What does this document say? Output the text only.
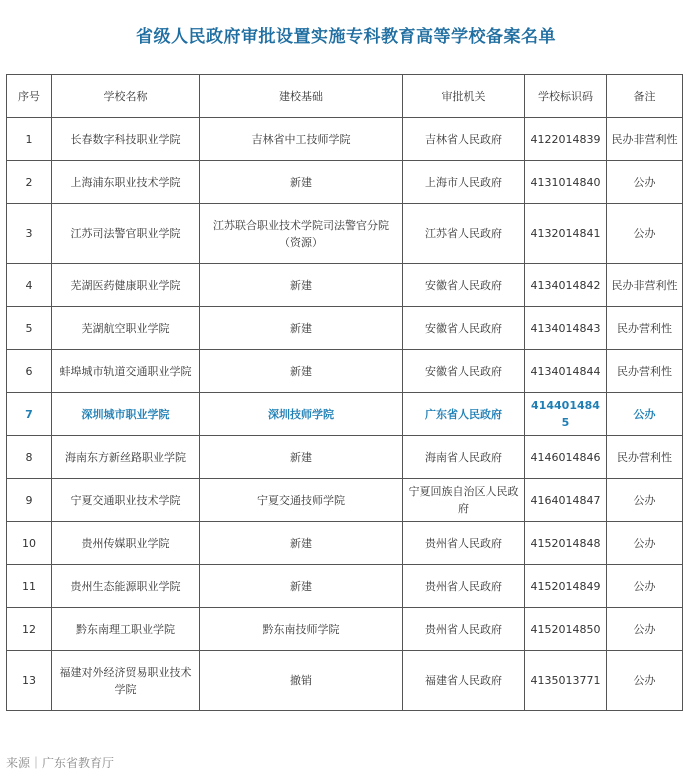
省级人民政府审批设置实施专科教育高等学校备案名单
序号	学校名称	建校基础	审批机关	学校标识码	备注
1	长春数字科技职业学院	吉林省中工技师学院	吉林省人民政府	4122014839	民办非营利性
2	上海浦东职业技术学院	新建	上海市人民政府	4131014840	公办
3	江苏司法警官职业学院	江苏联合职业技术学院司法警官分院（资源）	江苏省人民政府	4132014841	公办
4	芜湖医药健康职业学院	新建	安徽省人民政府	4134014842	民办非营利性
5	芜湖航空职业学院	新建	安徽省人民政府	4134014843	民办营利性
6	蚌埠城市轨道交通职业学院	新建	安徽省人民政府	4134014844	民办营利性
7	深圳城市职业学院	深圳技师学院	广东省人民政府	4144014845	公办
8	海南东方新丝路职业学院	新建	海南省人民政府	4146014846	民办营利性
9	宁夏交通职业技术学院	宁夏交通技师学院	宁夏回族自治区人民政府	4164014847	公办
10	贵州传媒职业学院	新建	贵州省人民政府	4152014848	公办
11	贵州生态能源职业学院	新建	贵州省人民政府	4152014849	公办
12	黔东南理工职业学院	黔东南技师学院	贵州省人民政府	4152014850	公办
13	福建对外经济贸易职业技术学院	撤销	福建省人民政府	4135013771	公办
来源｜广东省教育厅
